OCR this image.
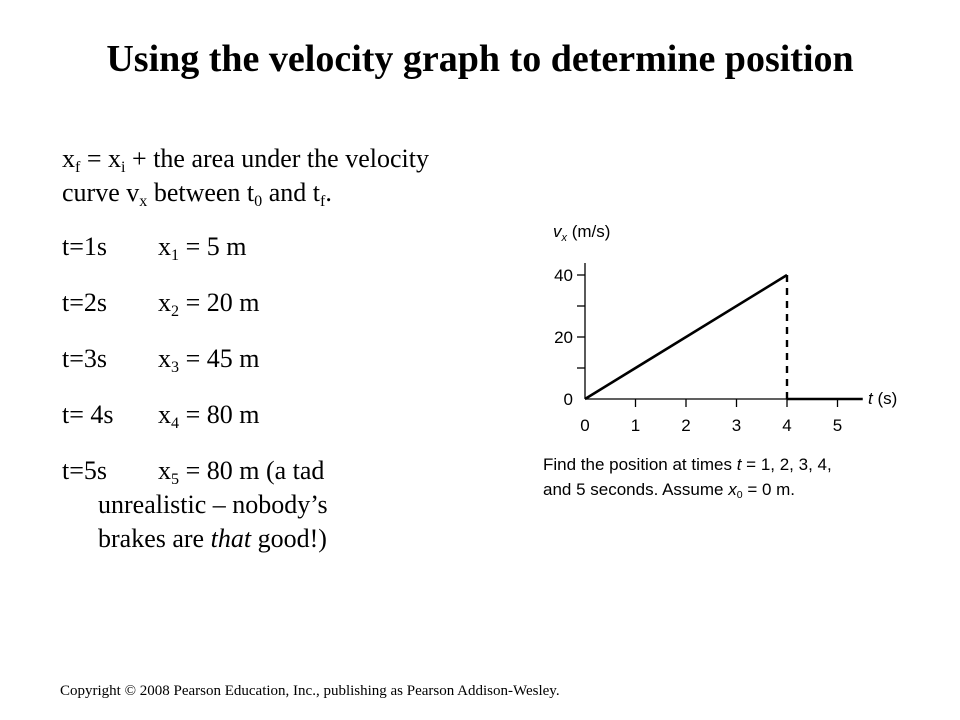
Using the velocity graph to determine position

$x_f = x_i$ + the area under the velocity curve $v_x$ between $t_0$ and $t_f$.

t=1s $x_1 = 5$ m
t=2s $x_2 = 20$ m
t=3s $x_3 = 45$ m
t= 4s $x_4 = 80$ m
t=5s $x_5 = 80$ m (a tad
unrealistic – nobody’s
brakes are that good!)
0 1 2 3 4 5
0
20
40
$v_x$ (m/s)
t (s)
Find the position at times t = 1, 2, 3, 4,
and 5 seconds. Assume $x_0 = 0$ m.
Copyright © 2008 Pearson Education, Inc., publishing as Pearson Addison-Wesley.
